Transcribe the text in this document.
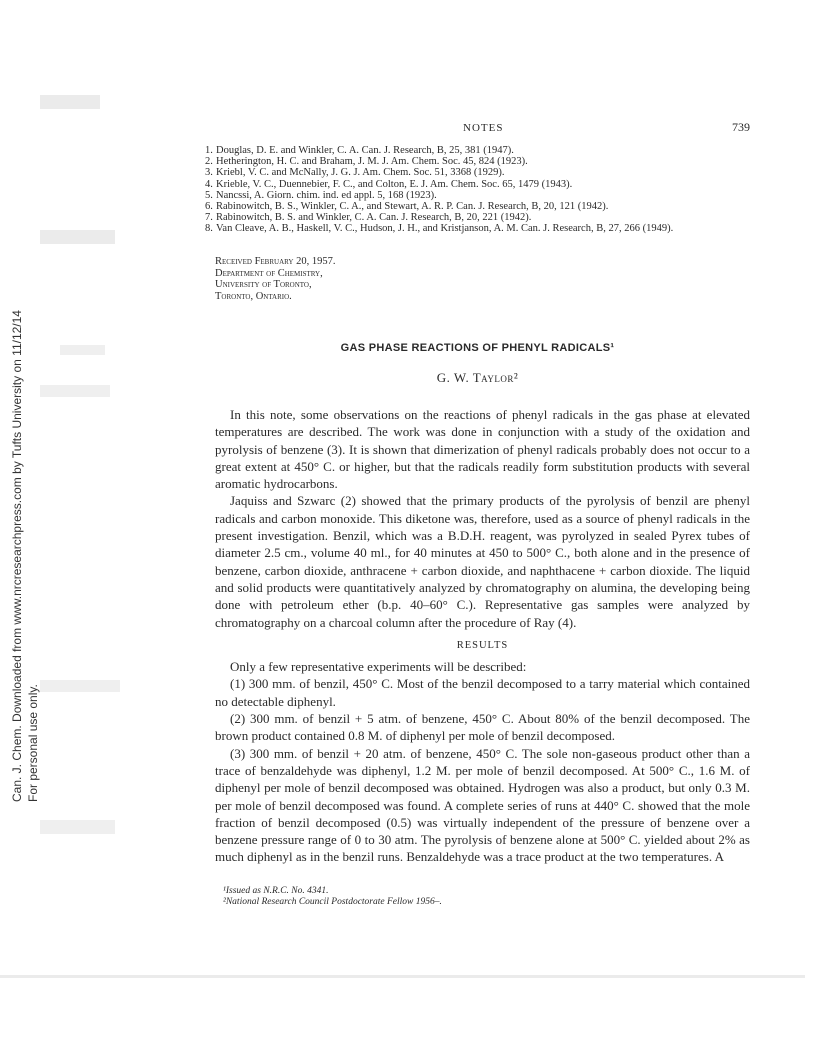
Can. J. Chem. Downloaded from www.nrcresearchpress.com by Tufts University on 11/12/14 For personal use only.
NOTES	739
1. Douglas, D. E. and Winkler, C. A. Can. J. Research, B, 25, 381 (1947).
2. Hetherington, H. C. and Braham, J. M. J. Am. Chem. Soc. 45, 824 (1923).
3. Kriebl, V. C. and McNally, J. G. J. Am. Chem. Soc. 51, 3368 (1929).
4. Krieble, V. C., Duennebier, F. C., and Colton, E. J. Am. Chem. Soc. 65, 1479 (1943).
5. Nancssi, A. Giorn. chim. ind. ed appl. 5, 168 (1923).
6. Rabinowitch, B. S., Winkler, C. A., and Stewart, A. R. P. Can. J. Research, B, 20, 121 (1942).
7. Rabinowitch, B. S. and Winkler, C. A. Can. J. Research, B, 20, 221 (1942).
8. Van Cleave, A. B., Haskell, V. C., Hudson, J. H., and Kristjanson, A. M. Can. J. Research, B, 27, 266 (1949).
Received February 20, 1957.
Department of Chemistry,
University of Toronto,
Toronto, Ontario.
GAS PHASE REACTIONS OF PHENYL RADICALS¹
G. W. Taylor²

In this note, some observations on the reactions of phenyl radicals in the gas phase at elevated temperatures are described. The work was done in conjunction with a study of the oxidation and pyrolysis of benzene (3). It is shown that dimerization of phenyl radicals probably does not occur to a great extent at 450° C. or higher, but that the radicals readily form substitution products with several aromatic hydrocarbons.

Jaquiss and Szwarc (2) showed that the primary products of the pyrolysis of benzil are phenyl radicals and carbon monoxide. This diketone was, therefore, used as a source of phenyl radicals in the present investigation. Benzil, which was a B.D.H. reagent, was pyrolyzed in sealed Pyrex tubes of diameter 2.5 cm., volume 40 ml., for 40 minutes at 450 to 500° C., both alone and in the presence of benzene, carbon dioxide, anthracene + carbon dioxide, and naphthacene + carbon dioxide. The liquid and solid products were quantitatively analyzed by chromatography on alumina, the developing being done with petroleum ether (b.p. 40–60° C.). Representative gas samples were analyzed by chromatography on a charcoal column after the procedure of Ray (4).

RESULTS

Only a few representative experiments will be described:

(1) 300 mm. of benzil, 450° C. Most of the benzil decomposed to a tarry material which contained no detectable diphenyl.

(2) 300 mm. of benzil + 5 atm. of benzene, 450° C. About 80% of the benzil decomposed. The brown product contained 0.8 M. of diphenyl per mole of benzil decomposed.

(3) 300 mm. of benzil + 20 atm. of benzene, 450° C. The sole non-gaseous product other than a trace of benzaldehyde was diphenyl, 1.2 M. per mole of benzil decomposed. At 500° C., 1.6 M. of diphenyl per mole of benzil decomposed was obtained. Hydrogen was also a product, but only 0.3 M. per mole of benzil decomposed was found. A complete series of runs at 440° C. showed that the mole fraction of benzil decomposed (0.5) was virtually independent of the pressure of benzene over a benzene pressure range of 0 to 30 atm. The pyrolysis of benzene alone at 500° C. yielded about 2% as much diphenyl as in the benzil runs. Benzaldehyde was a trace product at the two temperatures. A

¹Issued as N.R.C. No. 4341.
²National Research Council Postdoctorate Fellow 1956–.
